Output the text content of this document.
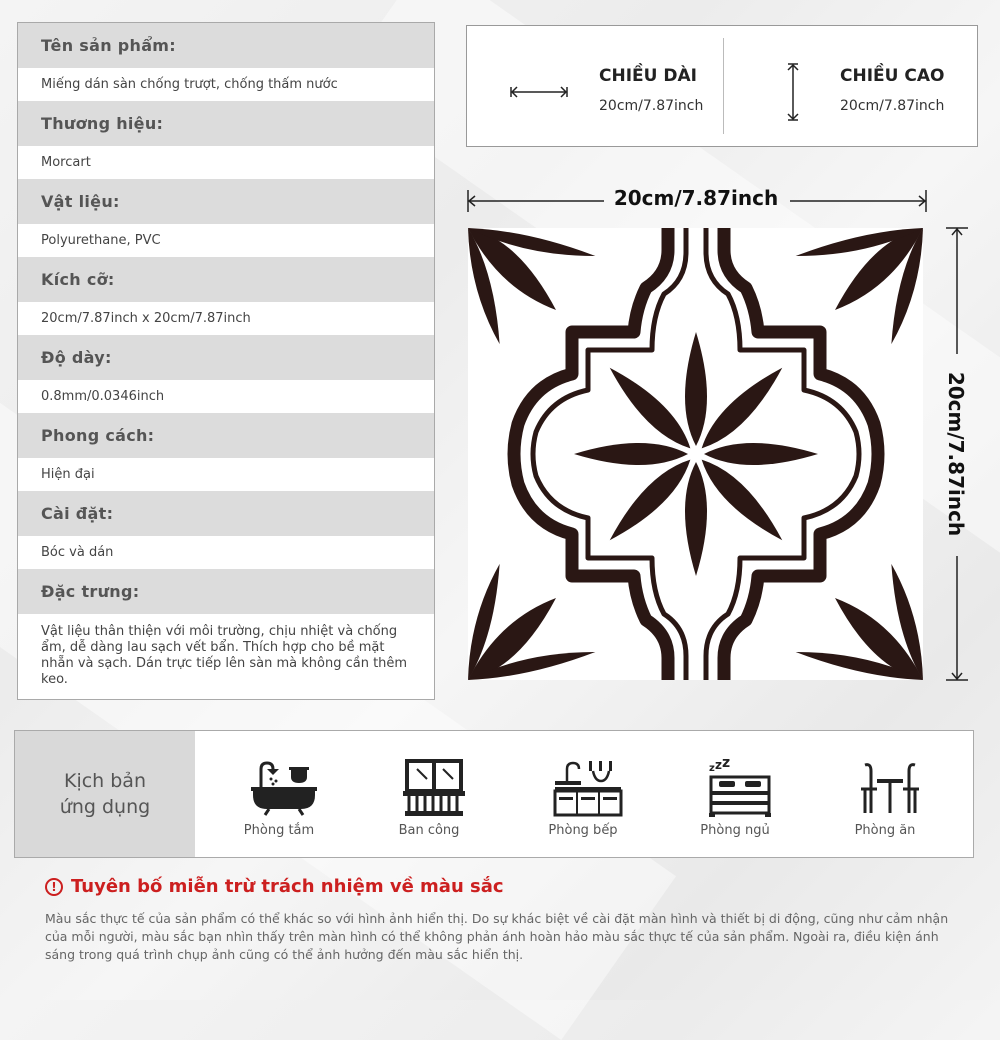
Tên sản phẩm:
Miếng dán sàn chống trượt, chống thấm nước
Thương hiệu:
Morcart
Vật liệu:
Polyurethane, PVC
Kích cỡ:
20cm/7.87inch x 20cm/7.87inch
Độ dày:
0.8mm/0.0346inch
Phong cách:
Hiện đại
Cài đặt:
Bóc và dán
Đặc trưng:
Vật liệu thân thiện với môi trường, chịu nhiệt và chống ẩm, dễ dàng lau sạch vết bẩn. Thích hợp cho bề mặt nhẵn và sạch. Dán trực tiếp lên sàn mà không cần thêm keo.
CHIỀU DÀI
20cm/7.87inch
CHIỀU CAO
20cm/7.87inch
20cm/7.87inch
20cm/7.87inch
Kịch bản
ứng dụng
Phòng tắm	Ban công	Phòng bếp
z z z
Phòng ngủ	Phòng ăn
! Tuyên bố miễn trừ trách nhiệm về màu sắc
Màu sắc thực tế của sản phẩm có thể khác so với hình ảnh hiển thị. Do sự khác biệt về cài đặt màn hình và thiết bị di động, cũng như cảm nhận của mỗi người, màu sắc bạn nhìn thấy trên màn hình có thể không phản ánh hoàn hảo màu sắc thực tế của sản phẩm. Ngoài ra, điều kiện ánh sáng trong quá trình chụp ảnh cũng có thể ảnh hưởng đến màu sắc hiển thị.
